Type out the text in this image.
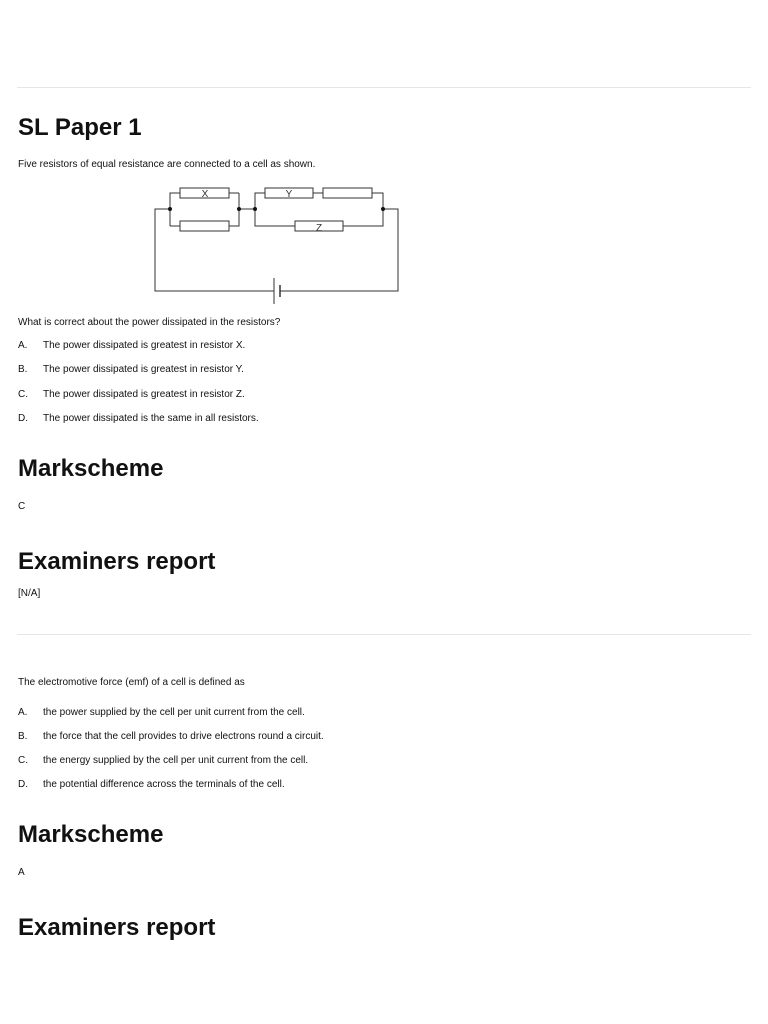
SL Paper 1
Five resistors of equal resistance are connected to a cell as shown.
X	Y
Z
What is correct about the power dissipated in the resistors?
A. The power dissipated is greatest in resistor X.
B. The power dissipated is greatest in resistor Y.
C. The power dissipated is greatest in resistor Z.
D. The power dissipated is the same in all resistors.
Markscheme
C
Examiners report
[N/A]
The electromotive force (emf) of a cell is defined as
A. the power supplied by the cell per unit current from the cell.
B. the force that the cell provides to drive electrons round a circuit.
C. the energy supplied by the cell per unit current from the cell.
D. the potential difference across the terminals of the cell.
Markscheme
A
Examiners report
